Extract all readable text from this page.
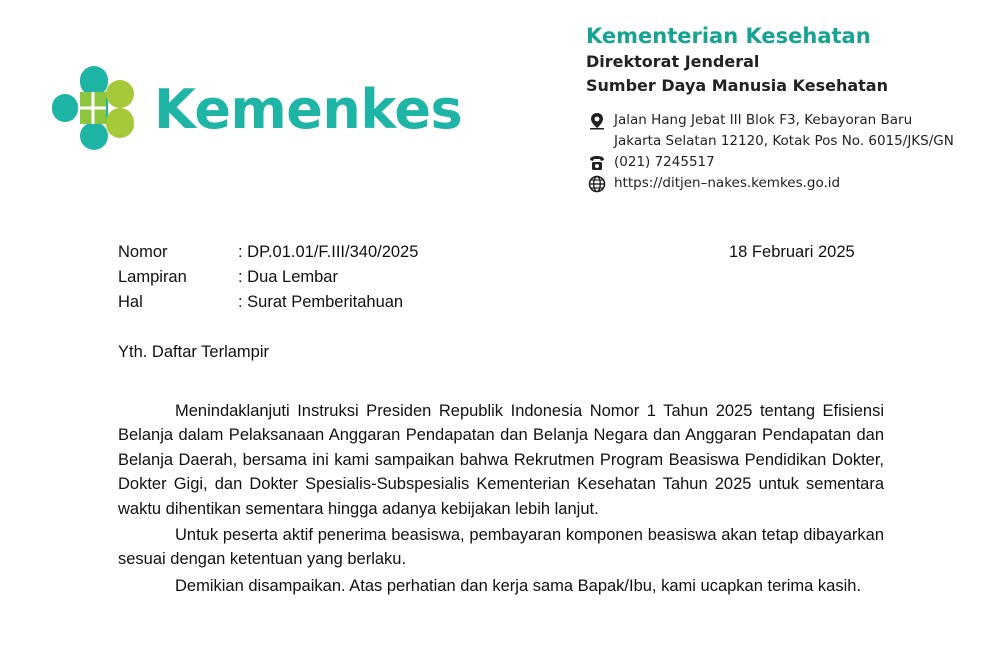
Kemenkes
Kementerian Kesehatan
Direktorat Jenderal
Sumber Daya Manusia Kesehatan
Jalan Hang Jebat III Blok F3, Kebayoran Baru
Jakarta Selatan 12120, Kotak Pos No. 6015/JKS/GN
(021) 7245517
https://ditjen–nakes.kemkes.go.id
Nomor	: DP.01.01/F.III/340/2025
Lampiran	: Dua Lembar
Hal	: Surat Pemberitahuan
18 Februari 2025
Yth. Daftar Terlampir

Menindaklanjuti Instruksi Presiden Republik Indonesia Nomor 1 Tahun 2025 tentang Efisiensi Belanja dalam Pelaksanaan Anggaran Pendapatan dan Belanja Negara dan Anggaran Pendapatan dan Belanja Daerah, bersama ini kami sampaikan bahwa Rekrutmen Program Beasiswa Pendidikan Dokter, Dokter Gigi, dan Dokter Spesialis-Subspesialis Kementerian Kesehatan Tahun 2025 untuk sementara waktu dihentikan sementara hingga adanya kebijakan lebih lanjut.

Untuk peserta aktif penerima beasiswa, pembayaran komponen beasiswa akan tetap dibayarkan sesuai dengan ketentuan yang berlaku.

Demikian disampaikan. Atas perhatian dan kerja sama Bapak/Ibu, kami ucapkan terima kasih.
